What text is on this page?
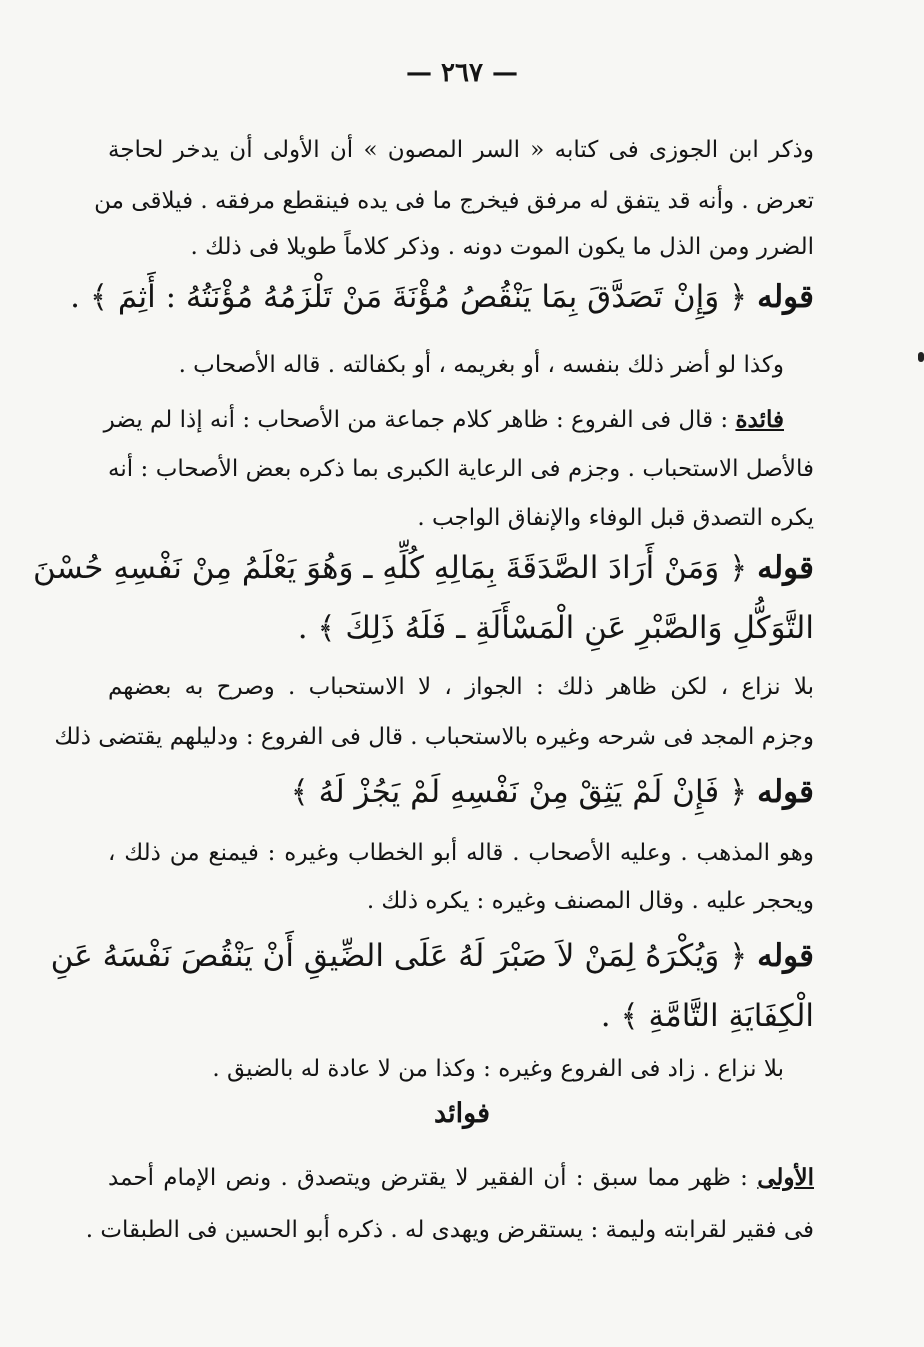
— ٢٦٧ —
وذكر ابن الجوزى فى كتابه « السر المصون » أن الأولى أن يدخر لحاجة
تعرض . وأنه قد يتفق له مرفق فيخرج ما فى يده فينقطع مرفقه . فيلاقى من
الضرر ومن الذل ما يكون الموت دونه . وذكر كلاماً طويلا فى ذلك .
قوله ﴿ وَإِنْ تَصَدَّقَ بِمَا يَنْقُصُ مُؤْنَةَ مَنْ تَلْزَمُهُ مُؤْنَتُهُ : أَثِمَ ﴾ .
وكذا لو أضر ذلك بنفسه ، أو بغريمه ، أو بكفالته . قاله الأصحاب .
فائدة : قال فى الفروع : ظاهر كلام جماعة من الأصحاب : أنه إذا لم يضر
فالأصل الاستحباب . وجزم فى الرعاية الكبرى بما ذكره بعض الأصحاب : أنه
يكره التصدق قبل الوفاء والإنفاق الواجب .
قوله ﴿ وَمَنْ أَرَادَ الصَّدَقَةَ بِمَالِهِ كُلِّهِ ـ وَهُوَ يَعْلَمُ مِنْ نَفْسِهِ حُسْنَ
التَّوَكُّلِ وَالصَّبْرِ عَنِ الْمَسْأَلَةِ ـ فَلَهُ ذَلِكَ ﴾ .
بلا نزاع ، لكن ظاهر ذلك : الجواز ، لا الاستحباب . وصرح به بعضهم
وجزم المجد فى شرحه وغيره بالاستحباب . قال فى الفروع : ودليلهم يقتضى ذلك
قوله ﴿ فَإِنْ لَمْ يَثِقْ مِنْ نَفْسِهِ لَمْ يَجُزْ لَهُ ﴾
وهو المذهب . وعليه الأصحاب . قاله أبو الخطاب وغيره : فيمنع من ذلك ،
ويحجر عليه . وقال المصنف وغيره : يكره ذلك .
قوله ﴿ وَيُكْرَهُ لِمَنْ لاَ صَبْرَ لَهُ عَلَى الضِّيقِ أَنْ يَنْقُصَ نَفْسَهُ عَنِ
الْكِفَايَةِ التَّامَّةِ ﴾ .
بلا نزاع . زاد فى الفروع وغيره : وكذا من لا عادة له بالضيق .
فوائد
الأولى : ظهر مما سبق : أن الفقير لا يقترض ويتصدق . ونص الإمام أحمد
فى فقير لقرابته وليمة : يستقرض ويهدى له . ذكره أبو الحسين فى الطبقات .
